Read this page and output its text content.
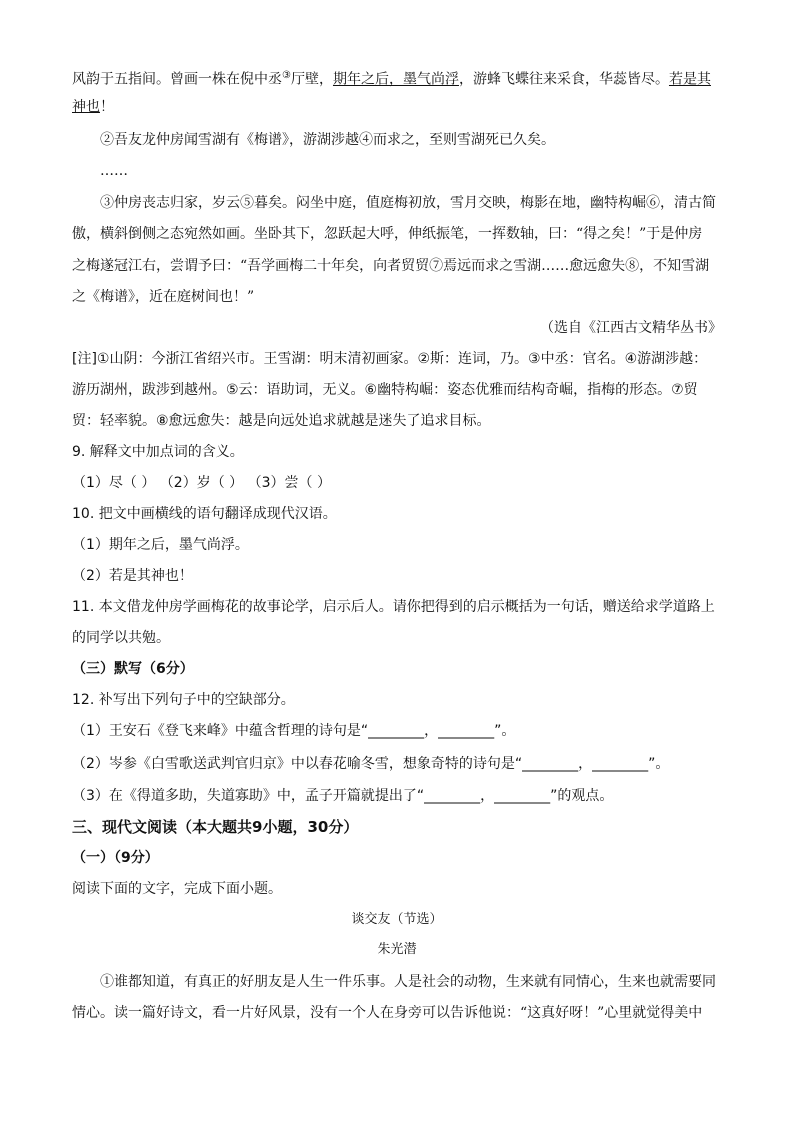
风韵于五指间。曾画一株在倪中丞③厅壁，期年之后，墨气尚浮，游蜂飞蝶往来采食，华蕊皆尽。若是其
神也！
②吾友龙仲房闻雪湖有《梅谱》，游湖涉越④而求之，至则雪湖死已久矣。
……
③仲房丧志归家，岁云⑤暮矣。闷坐中庭，值庭梅初放，雪月交映，梅影在地，幽特构崛⑥，清古简
傲，横斜倒侧之态宛然如画。坐卧其下，忽跃起大呼，伸纸振笔，一挥数轴，曰：“得之矣！”于是仲房
之梅遂冠江右，尝谓予曰：“吾学画梅二十年矣，向者贸贸⑦焉远而求之雪湖……愈远愈失⑧，不知雪湖
之《梅谱》，近在庭树间也！”
（选自《江西古文精华丛书》
[注]①山阴：今浙江省绍兴市。王雪湖：明末清初画家。②斯：连词，乃。③中丞：官名。④游湖涉越：
游历湖州，跋涉到越州。⑤云：语助词，无义。⑥幽特构崛：姿态优雅而结构奇崛，指梅的形态。⑦贸
贸：轻率貌。⑧愈远愈失：越是向远处追求就越是迷失了追求目标。
9. 解释文中加点词的含义。
（1）尽（ ） （2）岁（ ） （3）尝（ ）
10. 把文中画横线的语句翻译成现代汉语。
（1）期年之后，墨气尚浮。
（2）若是其神也！
11. 本文借龙仲房学画梅花的故事论学，启示后人。请你把得到的启示概括为一句话，赠送给求学道路上
的同学以共勉。
（三）默写（6分）
12. 补写出下列句子中的空缺部分。
（1）王安石《登飞来峰》中蕴含哲理的诗句是“________，________”。
（2）岑参《白雪歌送武判官归京》中以春花喻冬雪，想象奇特的诗句是“________，________”。
（3）在《得道多助，失道寡助》中，孟子开篇就提出了“________，________”的观点。
三、现代文阅读（本大题共9小题，30分）
（一）（9分）
阅读下面的文字，完成下面小题。
谈交友（节选）
朱光潜
①谁都知道，有真正的好朋友是人生一件乐事。人是社会的动物，生来就有同情心，生来也就需要同
情心。读一篇好诗文，看一片好风景，没有一个人在身旁可以告诉他说：“这真好呀！”心里就觉得美中
